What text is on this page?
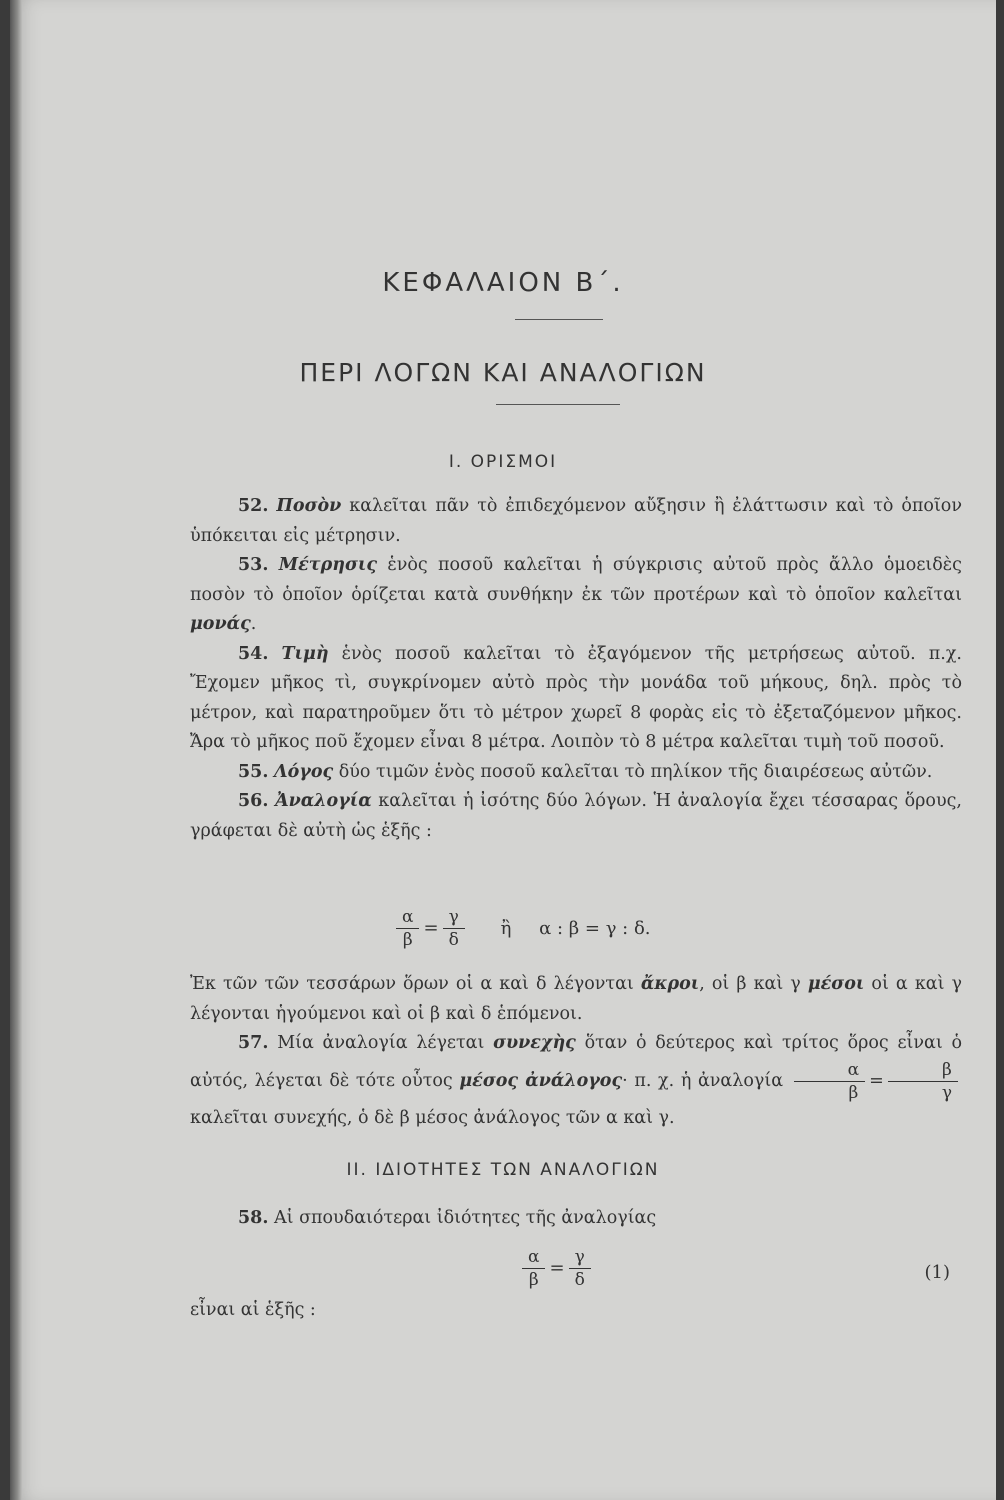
ΚΕΦΑΛΑΙΟΝ Β΄.
ΠΕΡΙ ΛΟΓΩΝ ΚΑΙ ΑΝΑΛΟΓΙΩΝ
Ι. ΟΡΙΣΜΟΙ

52. Ποσὸν καλεῖται πᾶν τὸ ἐπιδεχόμενον αὔξησιν ἢ ἐλάττωσιν καὶ τὸ ὁποῖον ὑπόκειται εἰς μέτρησιν.

53. Μέτρησις ἑνὸς ποσοῦ καλεῖται ἡ σύγκρισις αὐτοῦ πρὸς ἄλλο ὁμοειδὲς ποσὸν τὸ ὁποῖον ὁρίζεται κατὰ συνθήκην ἐκ τῶν προτέρων καὶ τὸ ὁποῖον καλεῖται μονάς.

54. Τιμὴ ἑνὸς ποσοῦ καλεῖται τὸ ἐξαγόμενον τῆς μετρήσεως αὐτοῦ. π.χ. Ἔχομεν μῆκος τὶ, συγκρίνομεν αὐτὸ πρὸς τὴν μονάδα τοῦ μήκους, δηλ. πρὸς τὸ μέτρον, καὶ παρατηροῦμεν ὅτι τὸ μέτρον χωρεῖ 8 φορὰς εἰς τὸ ἐξεταζόμενον μῆκος. Ἄρα τὸ μῆκος ποῦ ἔχομεν εἶναι 8 μέτρα. Λοιπὸν τὸ 8 μέτρα καλεῖται τιμὴ τοῦ ποσοῦ.

55. Λόγος δύο τιμῶν ἑνὸς ποσοῦ καλεῖται τὸ πηλίκον τῆς διαιρέσεως αὐτῶν.

56. Ἀναλογία καλεῖται ἡ ἰσότης δύο λόγων. Ἡ ἀναλογία ἔχει τέσσαρας ὅρους, γράφεται δὲ αὐτὴ ὡς ἑξῆς :

$\frac{\alpha}{\beta} = \frac{\gamma}{\delta}$ ἢ α : β = γ : δ.

Ἐκ τῶν τῶν τεσσάρων ὅρων οἱ α καὶ δ λέγονται ἄκροι, οἱ β καὶ γ μέσοι οἱ α καὶ γ λέγονται ἡγούμενοι καὶ οἱ β καὶ δ ἑπόμενοι.

57. Μία ἀναλογία λέγεται συνεχὴς ὅταν ὁ δεύτερος καὶ τρίτος ὅρος εἶναι ὁ αὐτός, λέγεται δὲ τότε οὗτος μέσος ἀνάλογος· π. χ. ἡ ἀναλογία $\frac{\alpha}{\beta} = \frac{\beta}{\gamma}$
καλεῖται συνεχής, ὁ δὲ β μέσος ἀνάλογος τῶν α καὶ γ.

ΙΙ. ΙΔΙΟΤΗΤΕΣ ΤΩΝ ΑΝΑΛΟΓΙΩΝ

58. Αἱ σπουδαιότεραι ἰδιότητες τῆς ἀναλογίας

$\frac{\alpha}{\beta} = \frac{\gamma}{\delta}$	(1)

εἶναι αἱ ἑξῆς :
